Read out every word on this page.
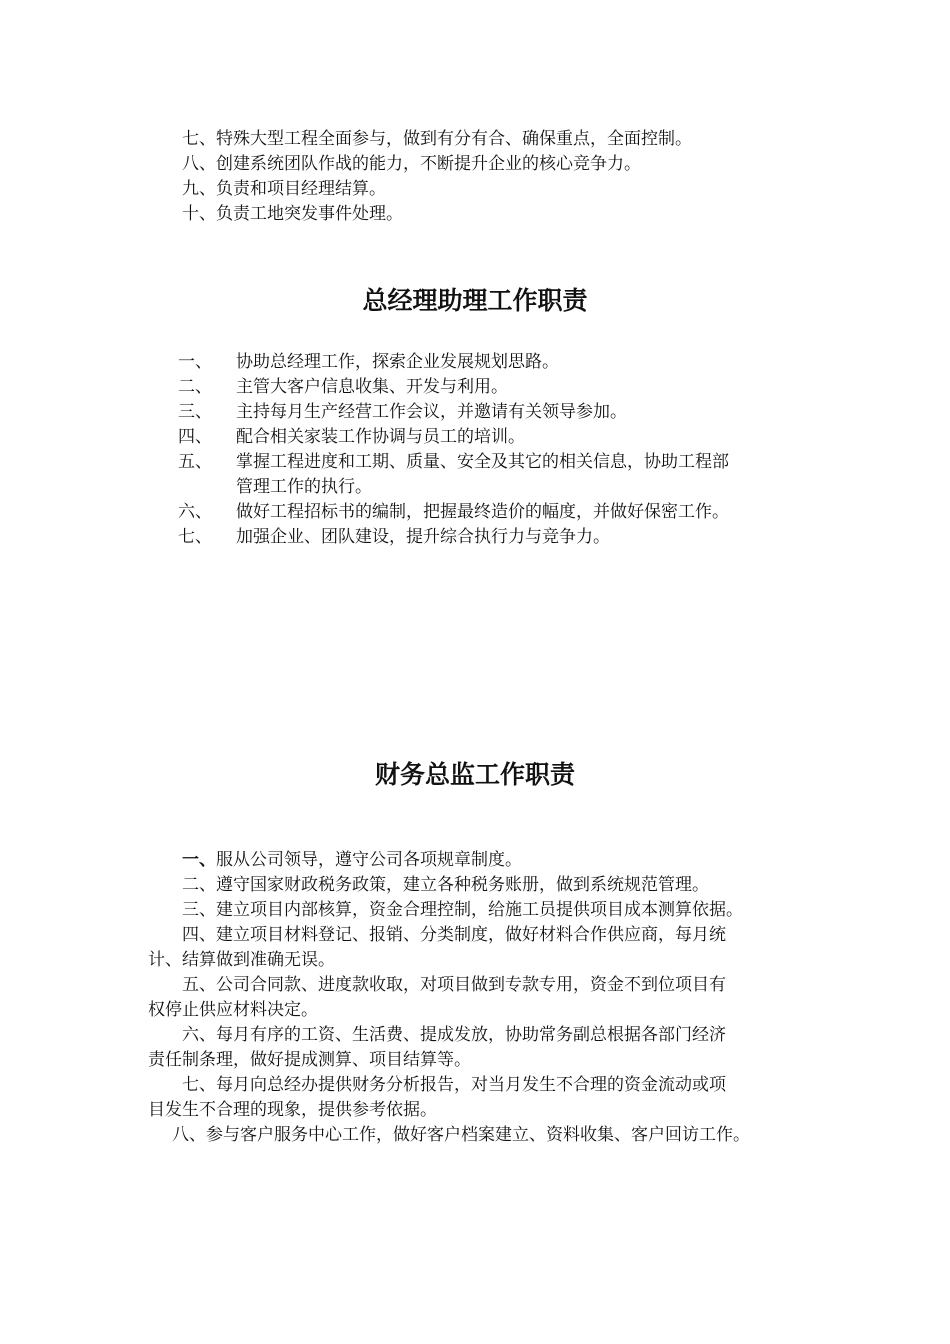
七、特殊大型工程全面参与，做到有分有合、确保重点，全面控制。
八、创建系统团队作战的能力，不断提升企业的核心竞争力。
九、负责和项目经理结算。
十、负责工地突发事件处理。
总经理助理工作职责
一、 协助总经理工作，探索企业发展规划思路。
二、 主管大客户信息收集、开发与利用。
三、 主持每月生产经营工作会议，并邀请有关领导参加。
四、 配合相关家装工作协调与员工的培训。
五、 掌握工程进度和工期、质量、安全及其它的相关信息，协助工程部
管理工作的执行。
六、 做好工程招标书的编制，把握最终造价的幅度，并做好保密工作。
七、 加强企业、团队建设，提升综合执行力与竞争力。
财务总监工作职责
一、服从公司领导，遵守公司各项规章制度。
二、遵守国家财政税务政策，建立各种税务账册，做到系统规范管理。
三、建立项目内部核算，资金合理控制，给施工员提供项目成本测算依据。
四、建立项目材料登记、报销、分类制度，做好材料合作供应商，每月统
计、结算做到准确无误。
五、公司合同款、进度款收取，对项目做到专款专用，资金不到位项目有
权停止供应材料决定。
六、每月有序的工资、生活费、提成发放，协助常务副总根据各部门经济
责任制条理，做好提成测算、项目结算等。
七、每月向总经办提供财务分析报告，对当月发生不合理的资金流动或项
目发生不合理的现象，提供参考依据。
八、参与客户服务中心工作，做好客户档案建立、资料收集、客户回访工作。
